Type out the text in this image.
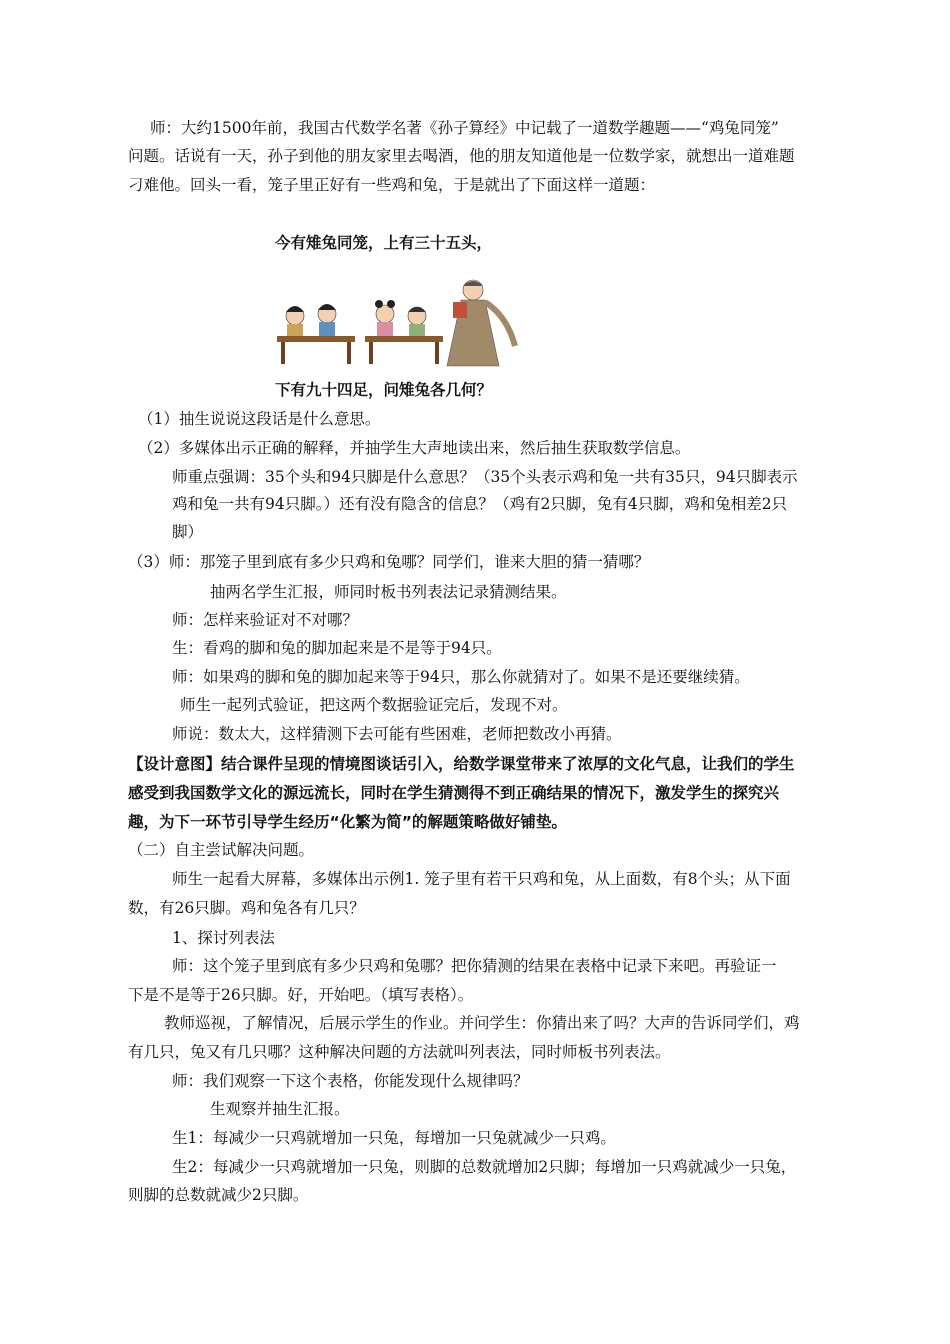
师：大约1500年前，我国古代数学名著《孙子算经》中记载了一道数学趣题——“鸡兔同笼”
问题。话说有一天，孙子到他的朋友家里去喝酒，他的朋友知道他是一位数学家，就想出一道难题
刁难他。回头一看，笼子里正好有一些鸡和兔，于是就出了下面这样一道题：
今有雉兔同笼，上有三十五头，
下有九十四足，问雉兔各几何？
（1）抽生说说这段话是什么意思。
（2）多媒体出示正确的解释，并抽学生大声地读出来，然后抽生获取数学信息。
师重点强调：35个头和94只脚是什么意思？（35个头表示鸡和兔一共有35只，94只脚表示
鸡和兔一共有94只脚。）还有没有隐含的信息？（鸡有2只脚，兔有4只脚，鸡和兔相差2只
脚）
（3）师：那笼子里到底有多少只鸡和兔哪？同学们，谁来大胆的猜一猜哪？
抽两名学生汇报，师同时板书列表法记录猜测结果。
师：怎样来验证对不对哪？
生：看鸡的脚和兔的脚加起来是不是等于94只。
师：如果鸡的脚和兔的脚加起来等于94只，那么你就猜对了。如果不是还要继续猜。
师生一起列式验证，把这两个数据验证完后，发现不对。
师说：数太大，这样猜测下去可能有些困难，老师把数改小再猜。
【设计意图】结合课件呈现的情境图谈话引入，给数学课堂带来了浓厚的文化气息，让我们的学生
感受到我国数学文化的源远流长，同时在学生猜测得不到正确结果的情况下，激发学生的探究兴
趣，为下一环节引导学生经历“化繁为简”的解题策略做好铺垫。
（二）自主尝试解决问题。
师生一起看大屏幕，多媒体出示例1. 笼子里有若干只鸡和兔，从上面数，有8个头；从下面
数，有26只脚。鸡和兔各有几只？
1、探讨列表法
师：这个笼子里到底有多少只鸡和兔哪？把你猜测的结果在表格中记录下来吧。再验证一
下是不是等于26只脚。好，开始吧。（填写表格）。
教师巡视，了解情况，后展示学生的作业。并问学生：你猜出来了吗？大声的告诉同学们，鸡
有几只，兔又有几只哪？这种解决问题的方法就叫列表法，同时师板书列表法。
师：我们观察一下这个表格，你能发现什么规律吗？
生观察并抽生汇报。
生1：每减少一只鸡就增加一只兔，每增加一只兔就减少一只鸡。
生2：每减少一只鸡就增加一只兔，则脚的总数就增加2只脚；每增加一只鸡就减少一只兔，
则脚的总数就减少2只脚。
